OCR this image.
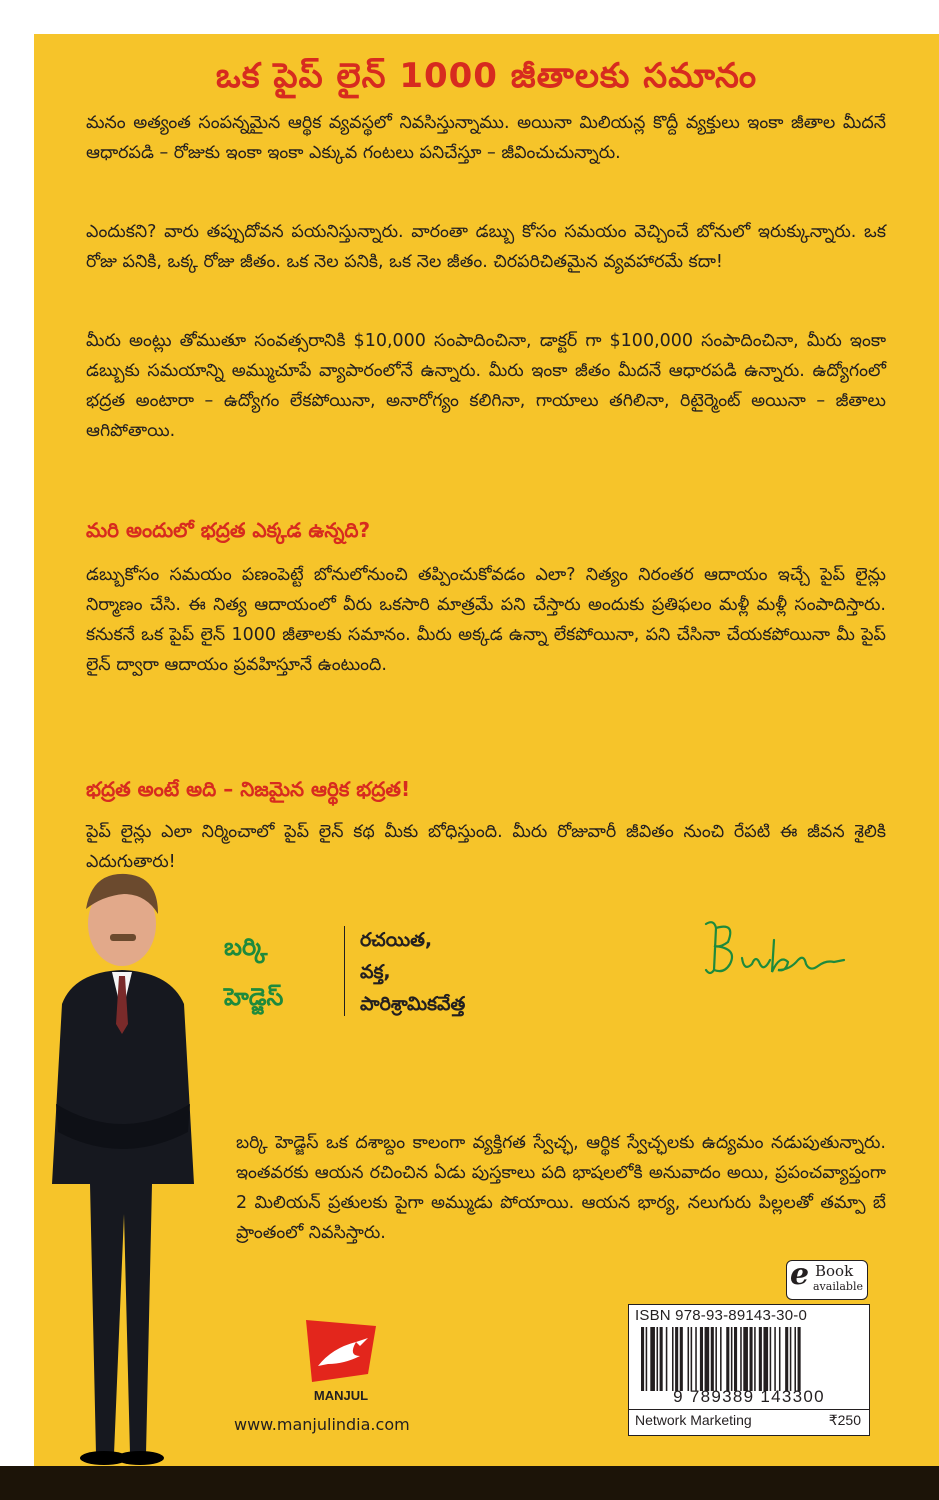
ఒక పైప్ లైన్ 1000 జీతాలకు సమానం

మనం అత్యంత సంపన్నమైన ఆర్థిక వ్యవస్థలో నివసిస్తున్నాము. అయినా మిలియన్ల కొద్దీ వ్యక్తులు ఇంకా జీతాల మీదనే ఆధారపడి – రోజుకు ఇంకా ఇంకా ఎక్కువ గంటలు పనిచేస్తూ – జీవించుచున్నారు.

ఎందుకని? వారు తప్పుదోవన పయనిస్తున్నారు. వారంతా డబ్బు కోసం సమయం వెచ్చించే బోనులో ఇరుక్కున్నారు. ఒక రోజు పనికి, ఒక్క రోజు జీతం. ఒక నెల పనికి, ఒక నెల జీతం. చిరపరిచితమైన వ్యవహారమే కదా!

మీరు అంట్లు తోముతూ సంవత్సరానికి $10,000 సంపాదించినా, డాక్టర్ గా $100,000 సంపాదించినా, మీరు ఇంకా డబ్బుకు సమయాన్ని అమ్ముచూపే వ్యాపారంలోనే ఉన్నారు. మీరు ఇంకా జీతం మీదనే ఆధారపడి ఉన్నారు. ఉద్యోగంలో భద్రత అంటారా – ఉద్యోగం లేకపోయినా, అనారోగ్యం కలిగినా, గాయాలు తగిలినా, రిటైర్మెంట్ అయినా – జీతాలు ఆగిపోతాయి.

మరి అందులో భద్రత ఎక్కడ ఉన్నది?

డబ్బుకోసం సమయం పణంపెట్టే బోనులోనుంచి తప్పించుకోవడం ఎలా? నిత్యం నిరంతర ఆదాయం ఇచ్చే పైప్ లైన్లు నిర్మాణం చేసి. ఈ నిత్య ఆదాయంలో వీరు ఒకసారి మాత్రమే పని చేస్తారు అందుకు ప్రతిఫలం మళ్లీ మళ్లీ సంపాదిస్తారు. కనుకనే ఒక పైప్ లైన్ 1000 జీతాలకు సమానం. మీరు అక్కడ ఉన్నా లేకపోయినా, పని చేసినా చేయకపోయినా మీ పైప్ లైన్ ద్వారా ఆదాయం ప్రవహిస్తూనే ఉంటుంది.

భద్రత అంటే అది – నిజమైన ఆర్థిక భద్రత!

పైప్ లైన్లు ఎలా నిర్మించాలో పైప్ లైన్ కథ మీకు బోధిస్తుంది. మీరు రోజువారీ జీవితం నుంచి రేపటి ఈ జీవన శైలికి ఎదుగుతారు!

బర్కి
హెడ్జెస్
రచయిత,
వక్త,
పారిశ్రామికవేత్త

బర్కి హెడ్జెస్ ఒక దశాబ్దం కాలంగా వ్యక్తిగత స్వేచ్ఛ, ఆర్థిక స్వేచ్ఛలకు ఉద్యమం నడుపుతున్నారు. ఇంతవరకు ఆయన రచించిన ఏడు పుస్తకాలు పది భాషలలోకి అనువాదం అయి, ప్రపంచవ్యాప్తంగా 2 మిలియన్ ప్రతులకు పైగా అమ్ముడు పోయాయి. ఆయన భార్య, నలుగురు పిల్లలతో తమ్పా బే ప్రాంతంలో నివసిస్తారు.

MANJUL
www.manjulindia.com
e Book
available
ISBN 978-93-89143-30-0
9 789389 143300
Network Marketing	₹250
